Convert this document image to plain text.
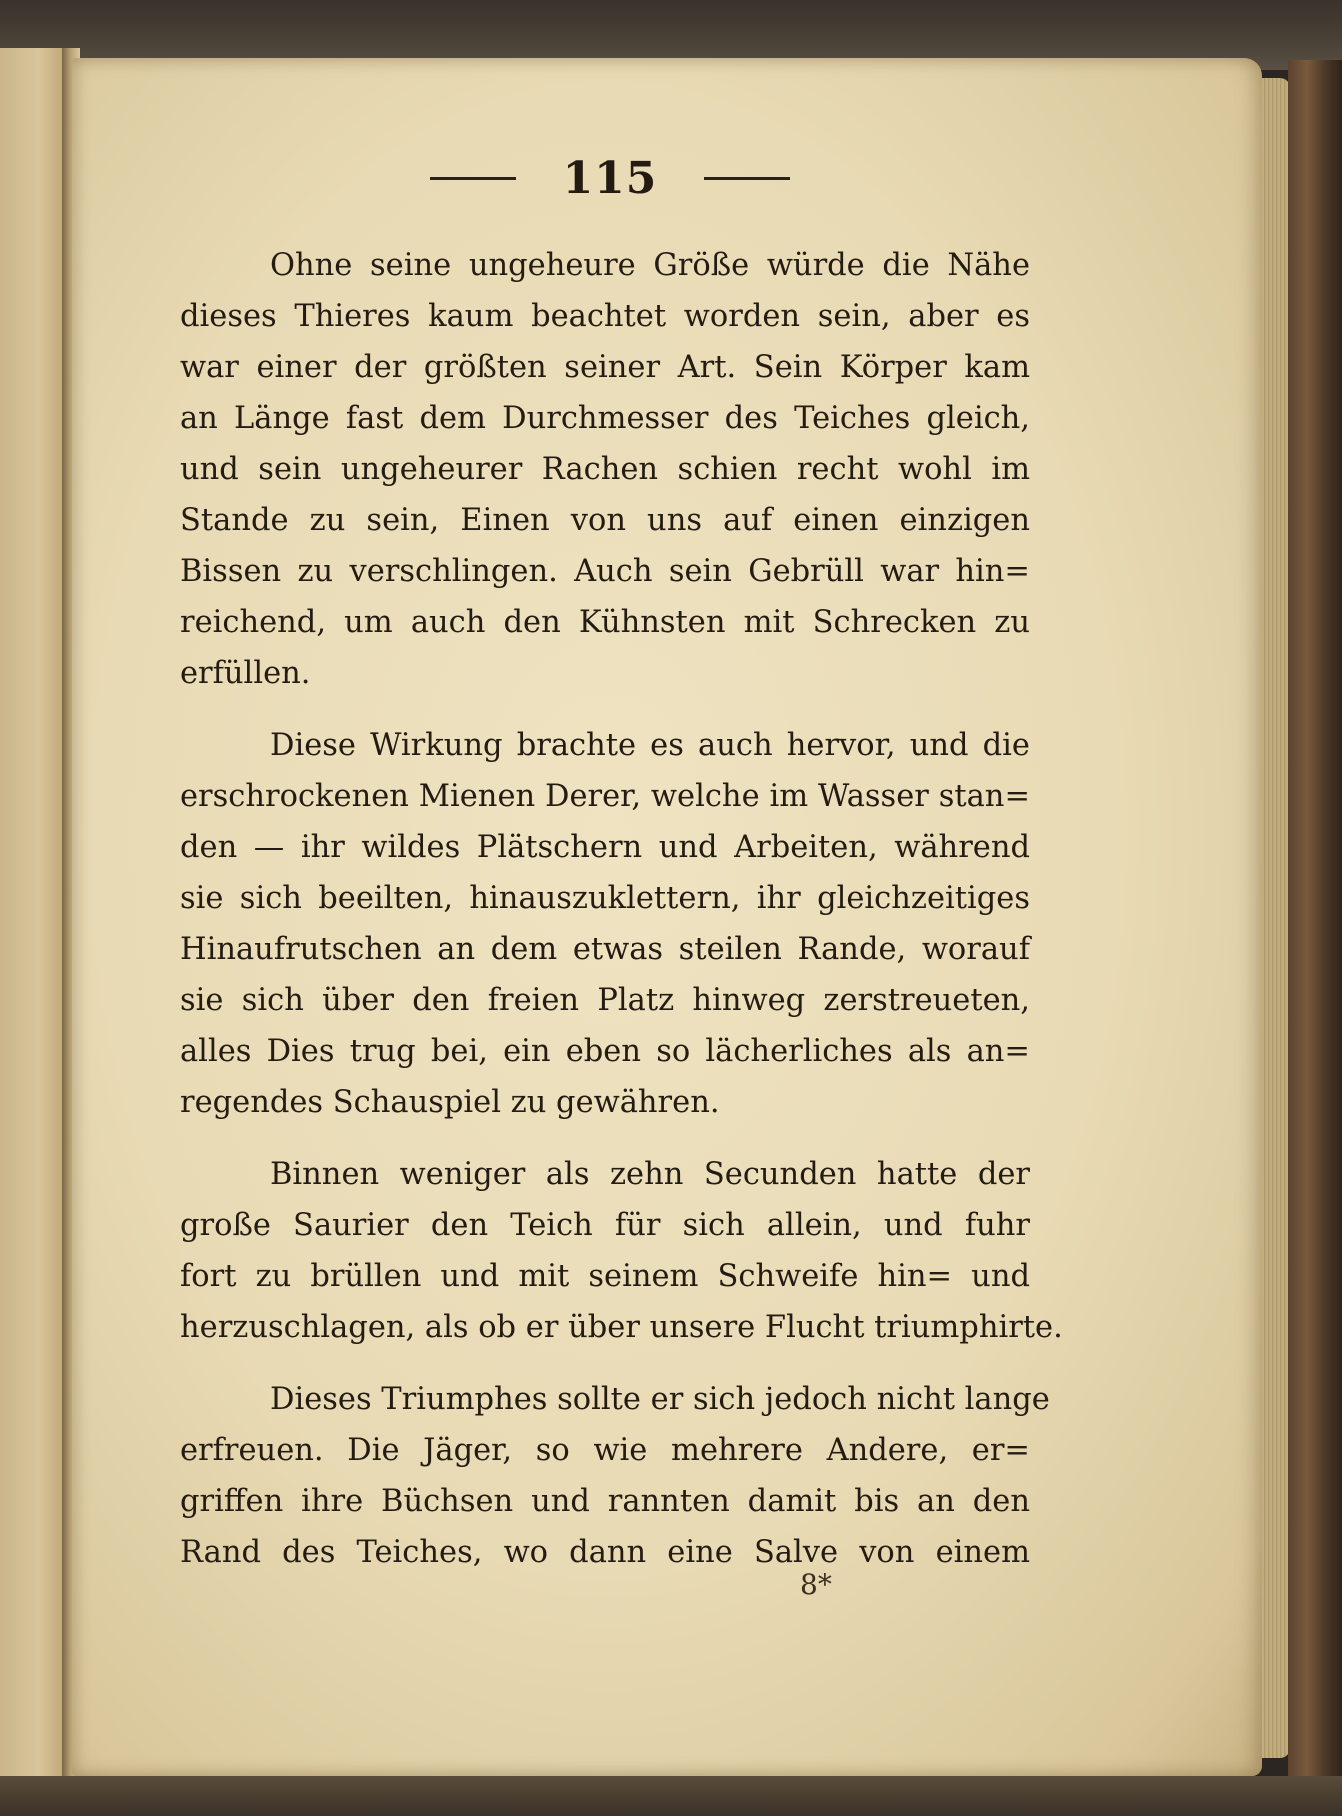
115
Ohne seine ungeheure Größe würde die Nähe
dieses Thieres kaum beachtet worden sein, aber es
war einer der größten seiner Art. Sein Körper kam
an Länge fast dem Durchmesser des Teiches gleich,
und sein ungeheurer Rachen schien recht wohl im
Stande zu sein, Einen von uns auf einen einzigen
Bissen zu verschlingen. Auch sein Gebrüll war hin=
reichend, um auch den Kühnsten mit Schrecken zu
erfüllen.
Diese Wirkung brachte es auch hervor, und die
erschrockenen Mienen Derer, welche im Wasser stan=
den — ihr wildes Plätschern und Arbeiten, während
sie sich beeilten, hinauszuklettern, ihr gleichzeitiges
Hinaufrutschen an dem etwas steilen Rande, worauf
sie sich über den freien Platz hinweg zerstreueten,
alles Dies trug bei, ein eben so lächerliches als an=
regendes Schauspiel zu gewähren.
Binnen weniger als zehn Secunden hatte der
große Saurier den Teich für sich allein, und fuhr
fort zu brüllen und mit seinem Schweife hin= und
herzuschlagen, als ob er über unsere Flucht triumphirte.
Dieses Triumphes sollte er sich jedoch nicht lange
erfreuen. Die Jäger, so wie mehrere Andere, er=
griffen ihre Büchsen und rannten damit bis an den
Rand des Teiches, wo dann eine Salve von einem
8*
